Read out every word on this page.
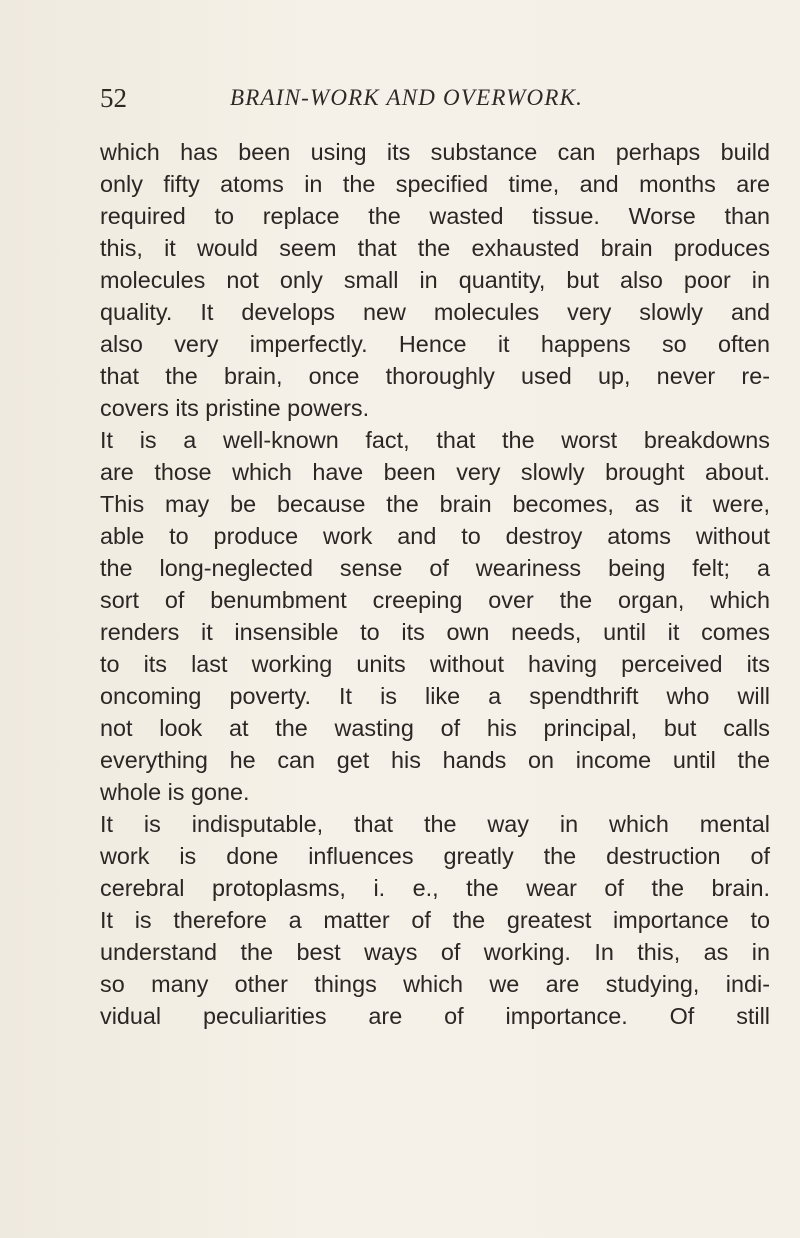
52	BRAIN-WORK AND OVERWORK.
which has been using its substance can perhaps build
only fifty atoms in the specified time, and months are
required to replace the wasted tissue. Worse than
this, it would seem that the exhausted brain produces
molecules not only small in quantity, but also poor in
quality. It develops new molecules very slowly and
also very imperfectly. Hence it happens so often
that the brain, once thoroughly used up, never re-
covers its pristine powers.
It is a well-known fact, that the worst breakdowns
are those which have been very slowly brought about.
This may be because the brain becomes, as it were,
able to produce work and to destroy atoms without
the long-neglected sense of weariness being felt; a
sort of benumbment creeping over the organ, which
renders it insensible to its own needs, until it comes
to its last working units without having perceived its
oncoming poverty. It is like a spendthrift who will
not look at the wasting of his principal, but calls
everything he can get his hands on income until the
whole is gone.
It is indisputable, that the way in which mental
work is done influences greatly the destruction of
cerebral protoplasms, i. e., the wear of the brain.
It is therefore a matter of the greatest importance to
understand the best ways of working. In this, as in
so many other things which we are studying, indi-
vidual peculiarities are of importance. Of still
